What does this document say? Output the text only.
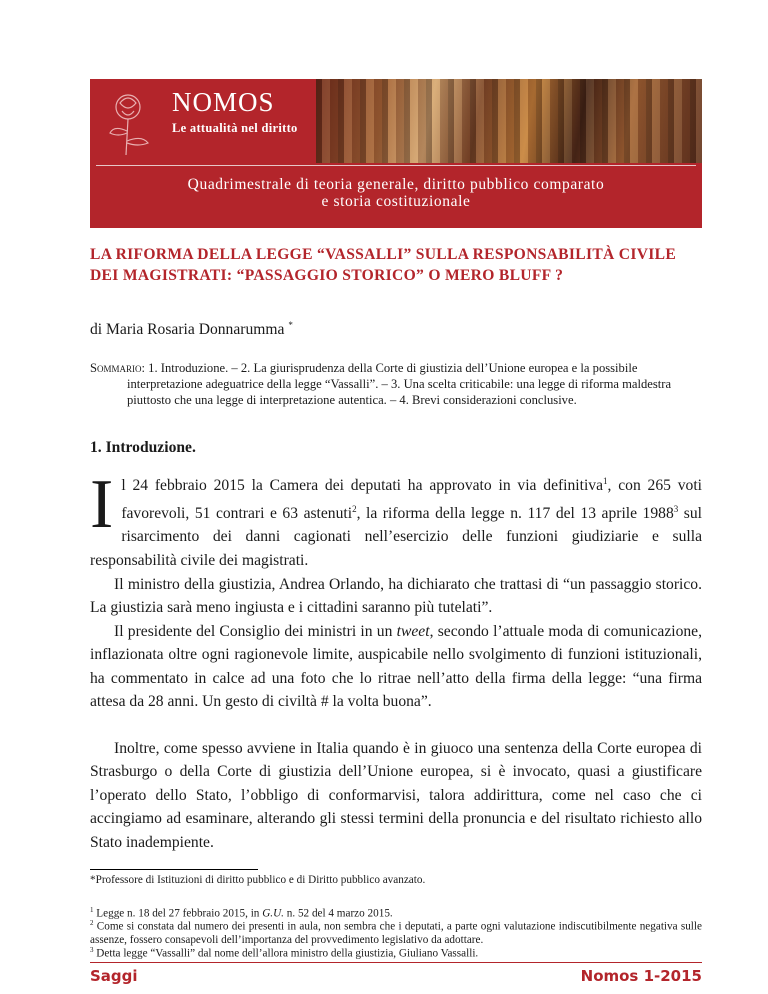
NOMOS
Le attualità nel diritto
Quadrimestrale di teoria generale, diritto pubblico comparato
e storia costituzionale
LA RIFORMA DELLA LEGGE “VASSALLI” SULLA RESPONSABILITÀ CIVILE DEI MAGISTRATI: “PASSAGGIO STORICO” O MERO BLUFF ?
di Maria Rosaria Donnarumma *
Sommario: 1. Introduzione. – 2. La giurisprudenza della Corte di giustizia dell’Unione europea e la possibile
interpretazione adeguatrice della legge “Vassalli”. – 3. Una scelta criticabile: una legge di riforma maldestra piuttosto che una legge di interpretazione autentica. – 4. Brevi considerazioni conclusive.
1. Introduzione.
Il 24 febbraio 2015 la Camera dei deputati ha approvato in via definitiva$^1$, con 265 voti favorevoli, 51 contrari e 63 astenuti$^2$, la riforma della legge n. 117 del 13 aprile 1988$^3$ sul risarcimento dei danni cagionati nell’esercizio delle funzioni giudiziarie e sulla responsabilità civile dei magistrati.
Il ministro della giustizia, Andrea Orlando, ha dichiarato che trattasi di “un passaggio storico. La giustizia sarà meno ingiusta e i cittadini saranno più tutelati”.
Il presidente del Consiglio dei ministri in un tweet, secondo l’attuale moda di comunicazione, inflazionata oltre ogni ragionevole limite, auspicabile nello svolgimento di funzioni istituzionali, ha commentato in calce ad una foto che lo ritrae nell’atto della firma della legge: “una firma attesa da 28 anni. Un gesto di civiltà # la volta buona”.
Inoltre, come spesso avviene in Italia quando è in giuoco una sentenza della Corte europea di Strasburgo o della Corte di giustizia dell’Unione europea, si è invocato, quasi a giustificare l’operato dello Stato, l’obbligo di conformarvisi, talora addirittura, come nel caso che ci accingiamo ad esaminare, alterando gli stessi termini della pronuncia e del risultato richiesto allo Stato inadempiente.
*Professore di Istituzioni di diritto pubblico e di Diritto pubblico avanzato.
$^1$ Legge n. 18 del 27 febbraio 2015, in G.U. n. 52 del 4 marzo 2015.
$^2$ Come si constata dal numero dei presenti in aula, non sembra che i deputati, a parte ogni valutazione indiscutibilmente negativa sulle assenze, fossero consapevoli dell’importanza del provvedimento legislativo da adottare.
$^3$ Detta legge “Vassalli” dal nome dell’allora ministro della giustizia, Giuliano Vassalli.
Saggi	Nomos 1-2015
